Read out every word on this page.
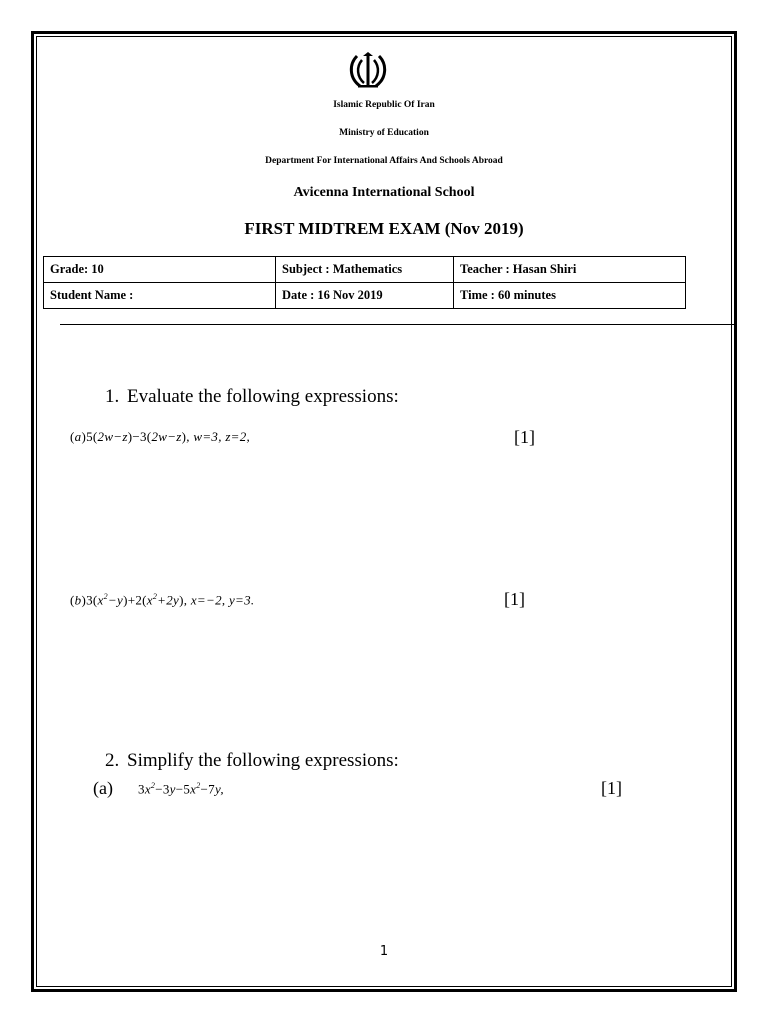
Islamic Republic Of Iran
Ministry of Education
Department For International Affairs And Schools Abroad
Avicenna International School
FIRST MIDTREM EXAM (Nov 2019)
Grade: 10	Subject : Mathematics	Teacher : Hasan Shiri
Student Name :	Date : 16 Nov 2019	Time : 60 minutes
1. Evaluate the following expressions:
(a)5(2w−z)−3(2w−z), w=3, z=2,	[1]
$(b)3(x^2-y)+2(x^2+2y)$, x=−2, y=3.	[1]
2. Simplify the following expressions:
(a) $3x^2-3y-5x^2-7y$,	[1]
1
